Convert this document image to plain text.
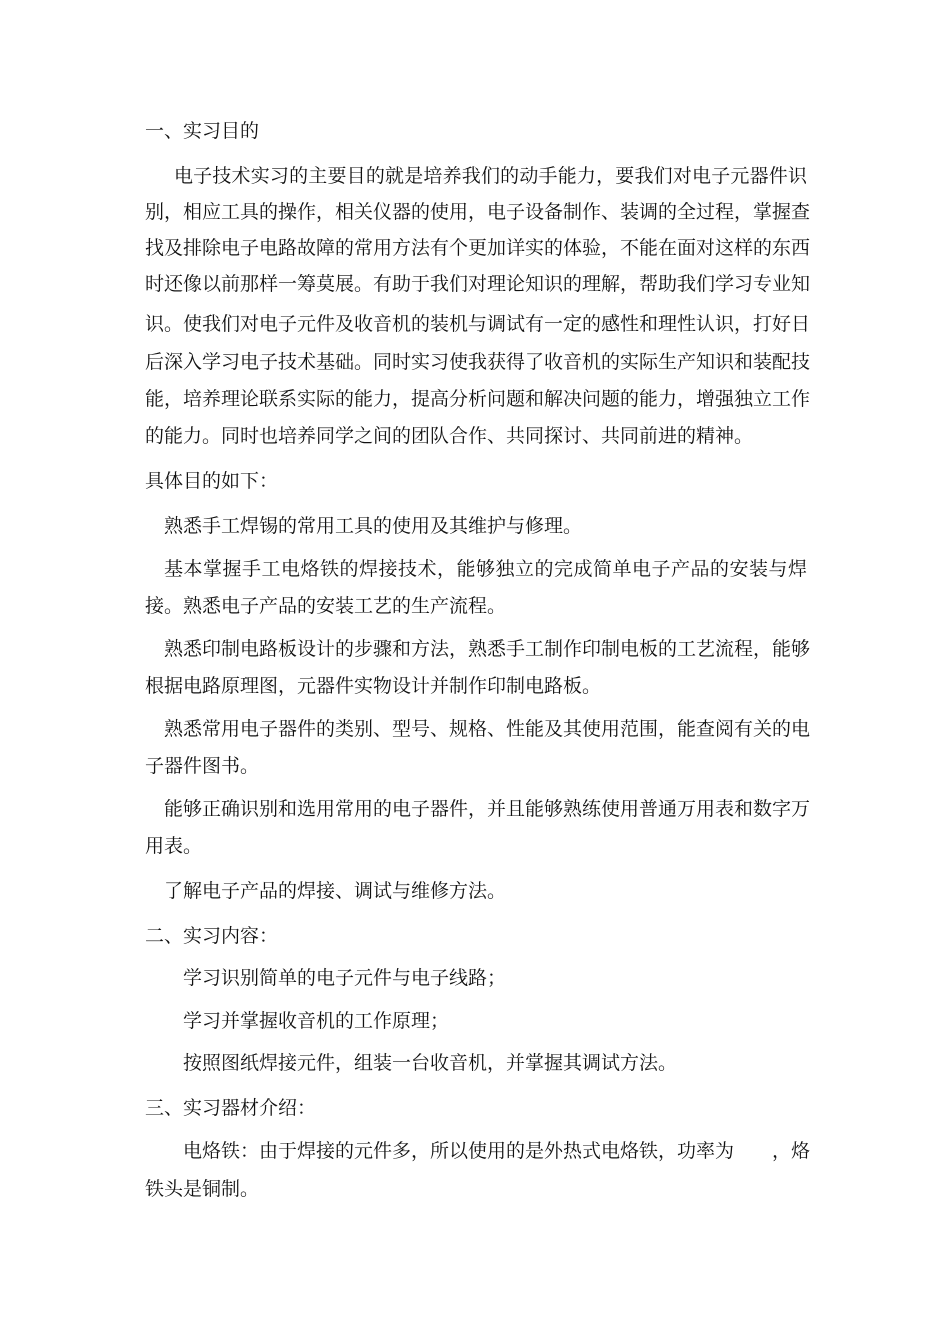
一、实习目的
电子技术实习的主要目的就是培养我们的动手能力，要我们对电子元器件识
别，相应工具的操作，相关仪器的使用，电子设备制作、装调的全过程，掌握查
找及排除电子电路故障的常用方法有个更加详实的体验，不能在面对这样的东西
时还像以前那样一筹莫展。有助于我们对理论知识的理解，帮助我们学习专业知
识。使我们对电子元件及收音机的装机与调试有一定的感性和理性认识，打好日
后深入学习电子技术基础。同时实习使我获得了收音机的实际生产知识和装配技
能，培养理论联系实际的能力，提高分析问题和解决问题的能力，增强独立工作
的能力。同时也培养同学之间的团队合作、共同探讨、共同前进的精神。
具体目的如下：
熟悉手工焊锡的常用工具的使用及其维护与修理。
基本掌握手工电烙铁的焊接技术，能够独立的完成简单电子产品的安装与焊
接。熟悉电子产品的安装工艺的生产流程。
熟悉印制电路板设计的步骤和方法，熟悉手工制作印制电板的工艺流程，能够
根据电路原理图，元器件实物设计并制作印制电路板。
熟悉常用电子器件的类别、型号、规格、性能及其使用范围，能查阅有关的电
子器件图书。
能够正确识别和选用常用的电子器件，并且能够熟练使用普通万用表和数字万
用表。
了解电子产品的焊接、调试与维修方法。
二、实习内容：
学习识别简单的电子元件与电子线路；
学习并掌握收音机的工作原理；
按照图纸焊接元件，组装一台收音机，并掌握其调试方法。
三、实习器材介绍：
电烙铁：由于焊接的元件多，所以使用的是外热式电烙铁，功率为　　，烙
铁头是铜制。
